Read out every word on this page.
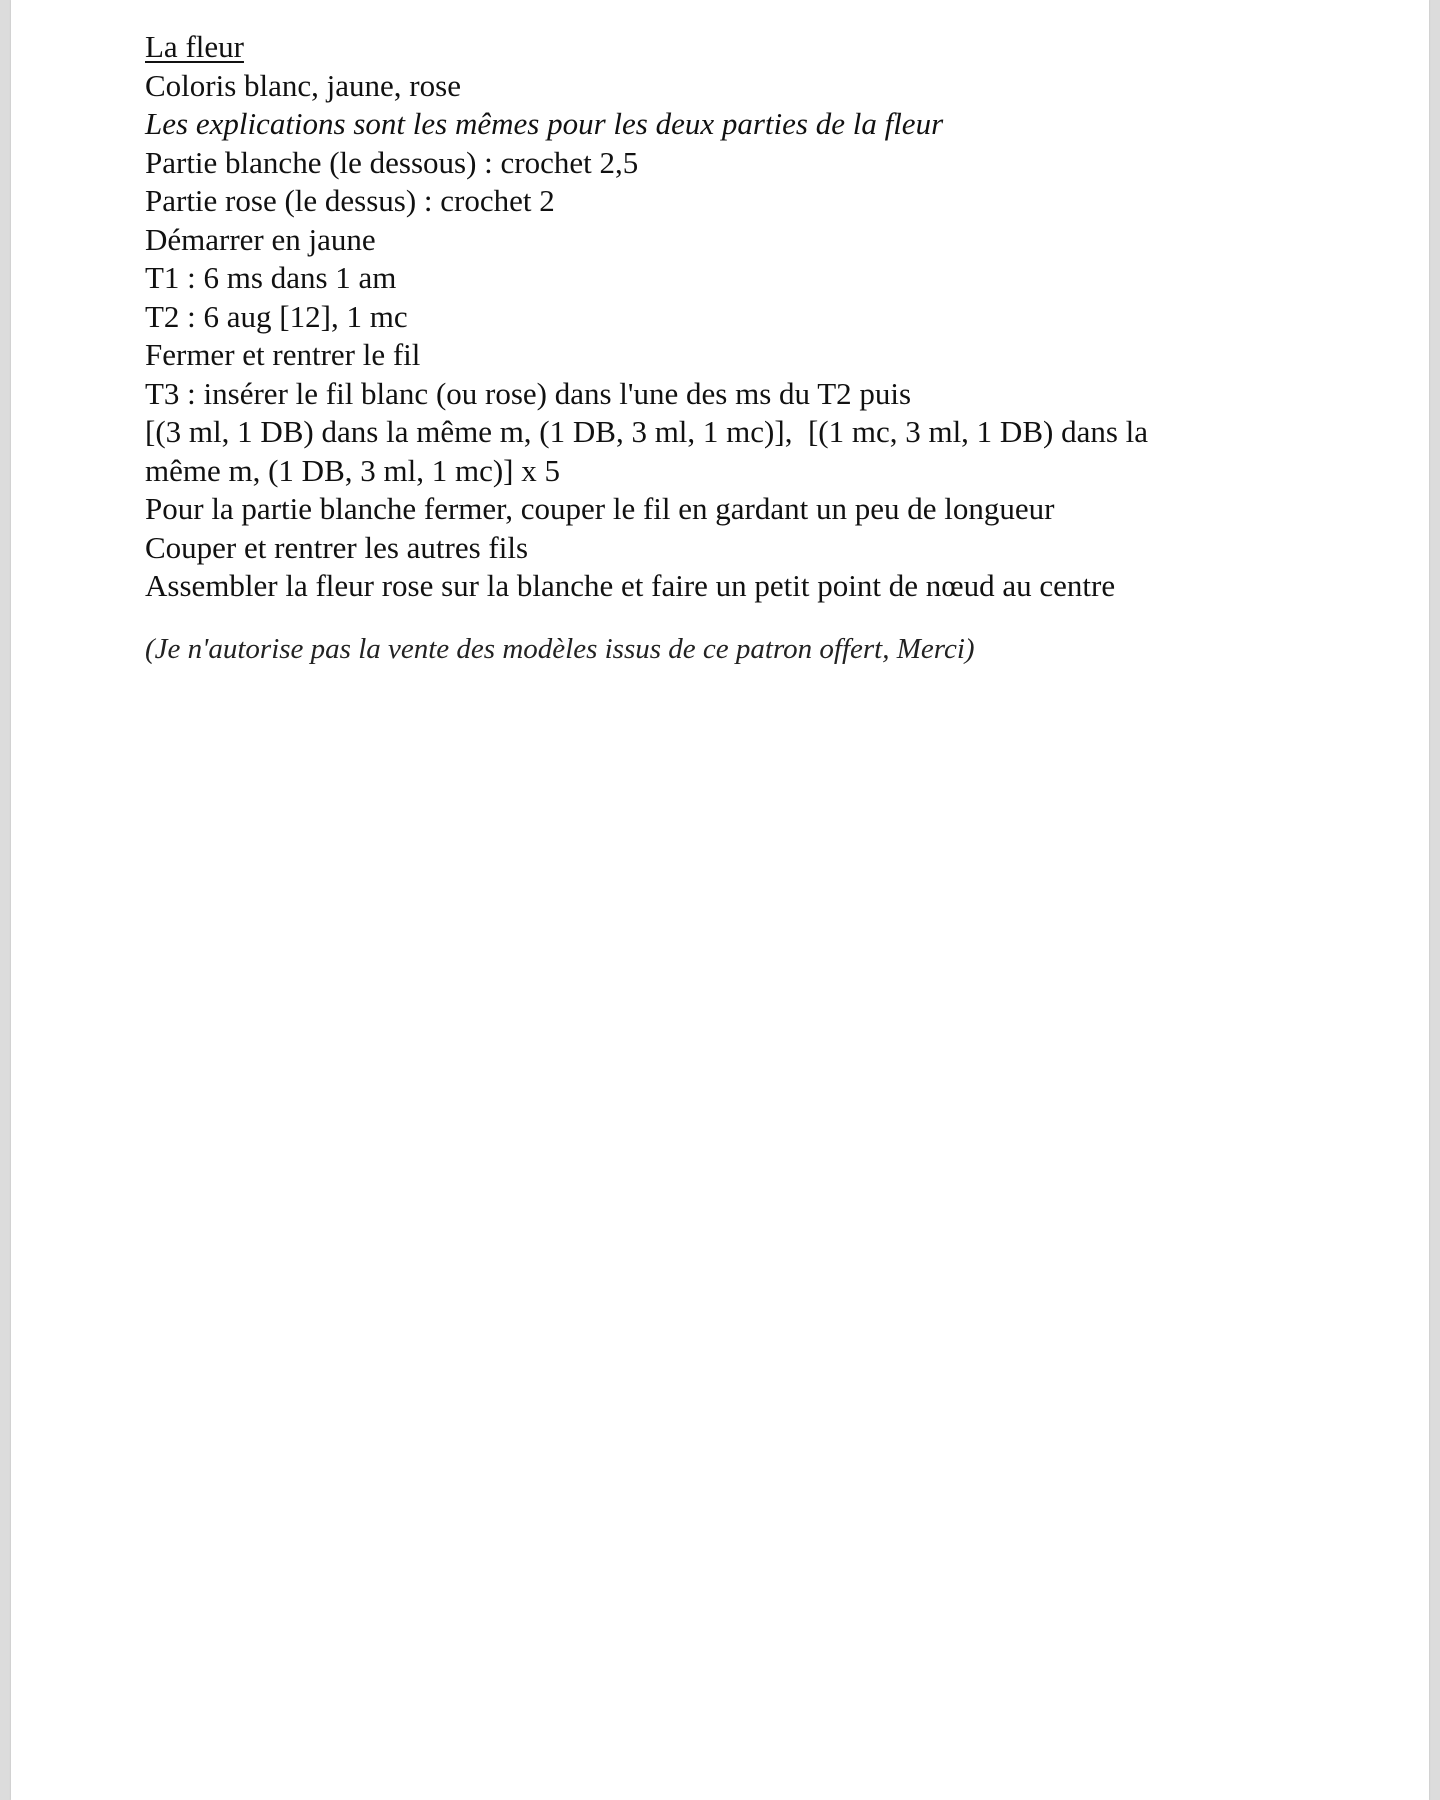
La fleur
Coloris blanc, jaune, rose
Les explications sont les mêmes pour les deux parties de la fleur
Partie blanche (le dessous) : crochet 2,5
Partie rose (le dessus) : crochet 2
Démarrer en jaune
T1 : 6 ms dans 1 am
T2 : 6 aug [12], 1 mc
Fermer et rentrer le fil
T3 : insérer le fil blanc (ou rose) dans l'une des ms du T2 puis
[(3 ml, 1 DB) dans la même m, (1 DB, 3 ml, 1 mc)],  [(1 mc, 3 ml, 1 DB) dans la
même m, (1 DB, 3 ml, 1 mc)] x 5
Pour la partie blanche fermer, couper le fil en gardant un peu de longueur
Couper et rentrer les autres fils
Assembler la fleur rose sur la blanche et faire un petit point de nœud au centre
(Je n'autorise pas la vente des modèles issus de ce patron offert, Merci)
